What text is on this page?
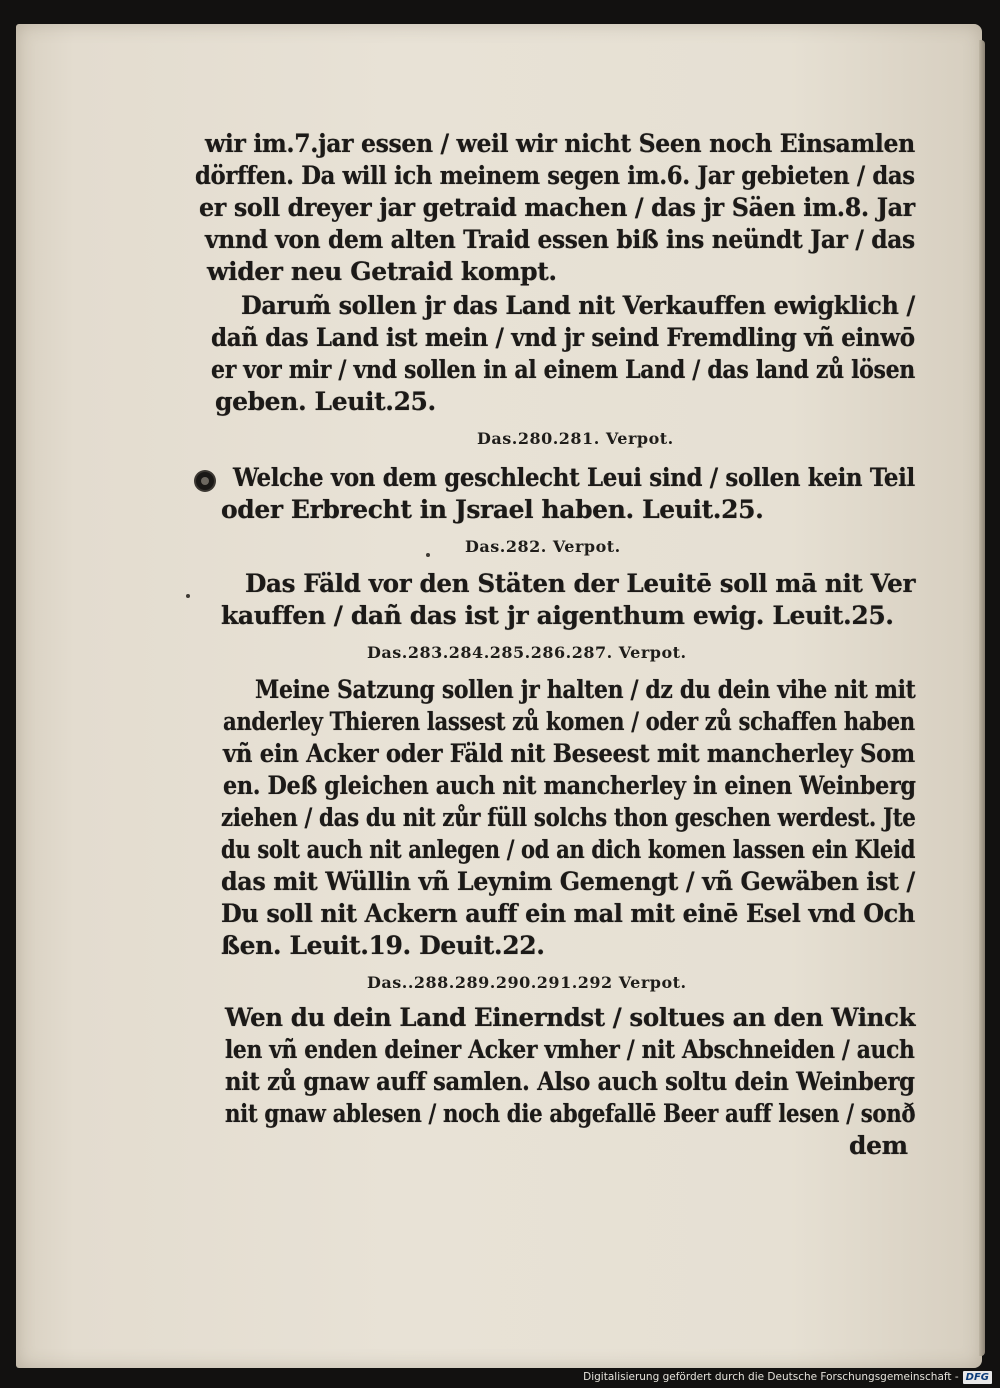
wir im.7.jar essen / weil wir nicht Seen noch Einsamlen
dörffen. Da will ich meinem segen im.6. Jar gebieten / das
er soll dreyer jar getraid machen / das jr Säen im.8. Jar
vnnd von dem alten Traid essen biß ins neündt Jar / das
wider neu Getraid kompt.
Darum̃ sollen jr das Land nit Verkauffen ewigklich /
dañ das Land ist mein / vnd jr seind Fremdling vñ einwō
er vor mir / vnd sollen in al einem Land / das land zů lösen
geben. Leuit.25.
Das.280.281. Verpot.
Welche von dem geschlecht Leui sind / sollen kein Teil
oder Erbrecht in Jsrael haben. Leuit.25.
Das.282. Verpot.
Das Fäld vor den Stäten der Leuitē soll mā nit Ver
kauffen / dañ das ist jr aigenthum ewig. Leuit.25.
Das.283.284.285.286.287. Verpot.
Meine Satzung sollen jr halten / dz du dein vihe nit mit
anderley Thieren lassest zů komen / oder zů schaffen haben
vñ ein Acker oder Fäld nit Beseest mit mancherley Som
en. Deß gleichen auch nit mancherley in einen Weinberg
ziehen / das du nit zůr füll solchs thon geschen werdest. Jte
du solt auch nit anlegen / od an dich komen lassen ein Kleid
das mit Wüllin vñ Leynim Gemengt / vñ Gewäben ist /
Du soll nit Ackern auff ein mal mit einē Esel vnd Och
ßen. Leuit.19. Deuit.22.
Das..288.289.290.291.292 Verpot.
Wen du dein Land Einerndst / soltues an den Winck
len vñ enden deiner Acker vmher / nit Abschneiden / auch
nit zů gnaw auff samlen. Also auch soltu dein Weinberg
nit gnaw ablesen / noch die abgefallē Beer auff lesen / sonð
dem
Digitalisierung gefördert durch die Deutsche Forschungsgemeinschaft - DFG
